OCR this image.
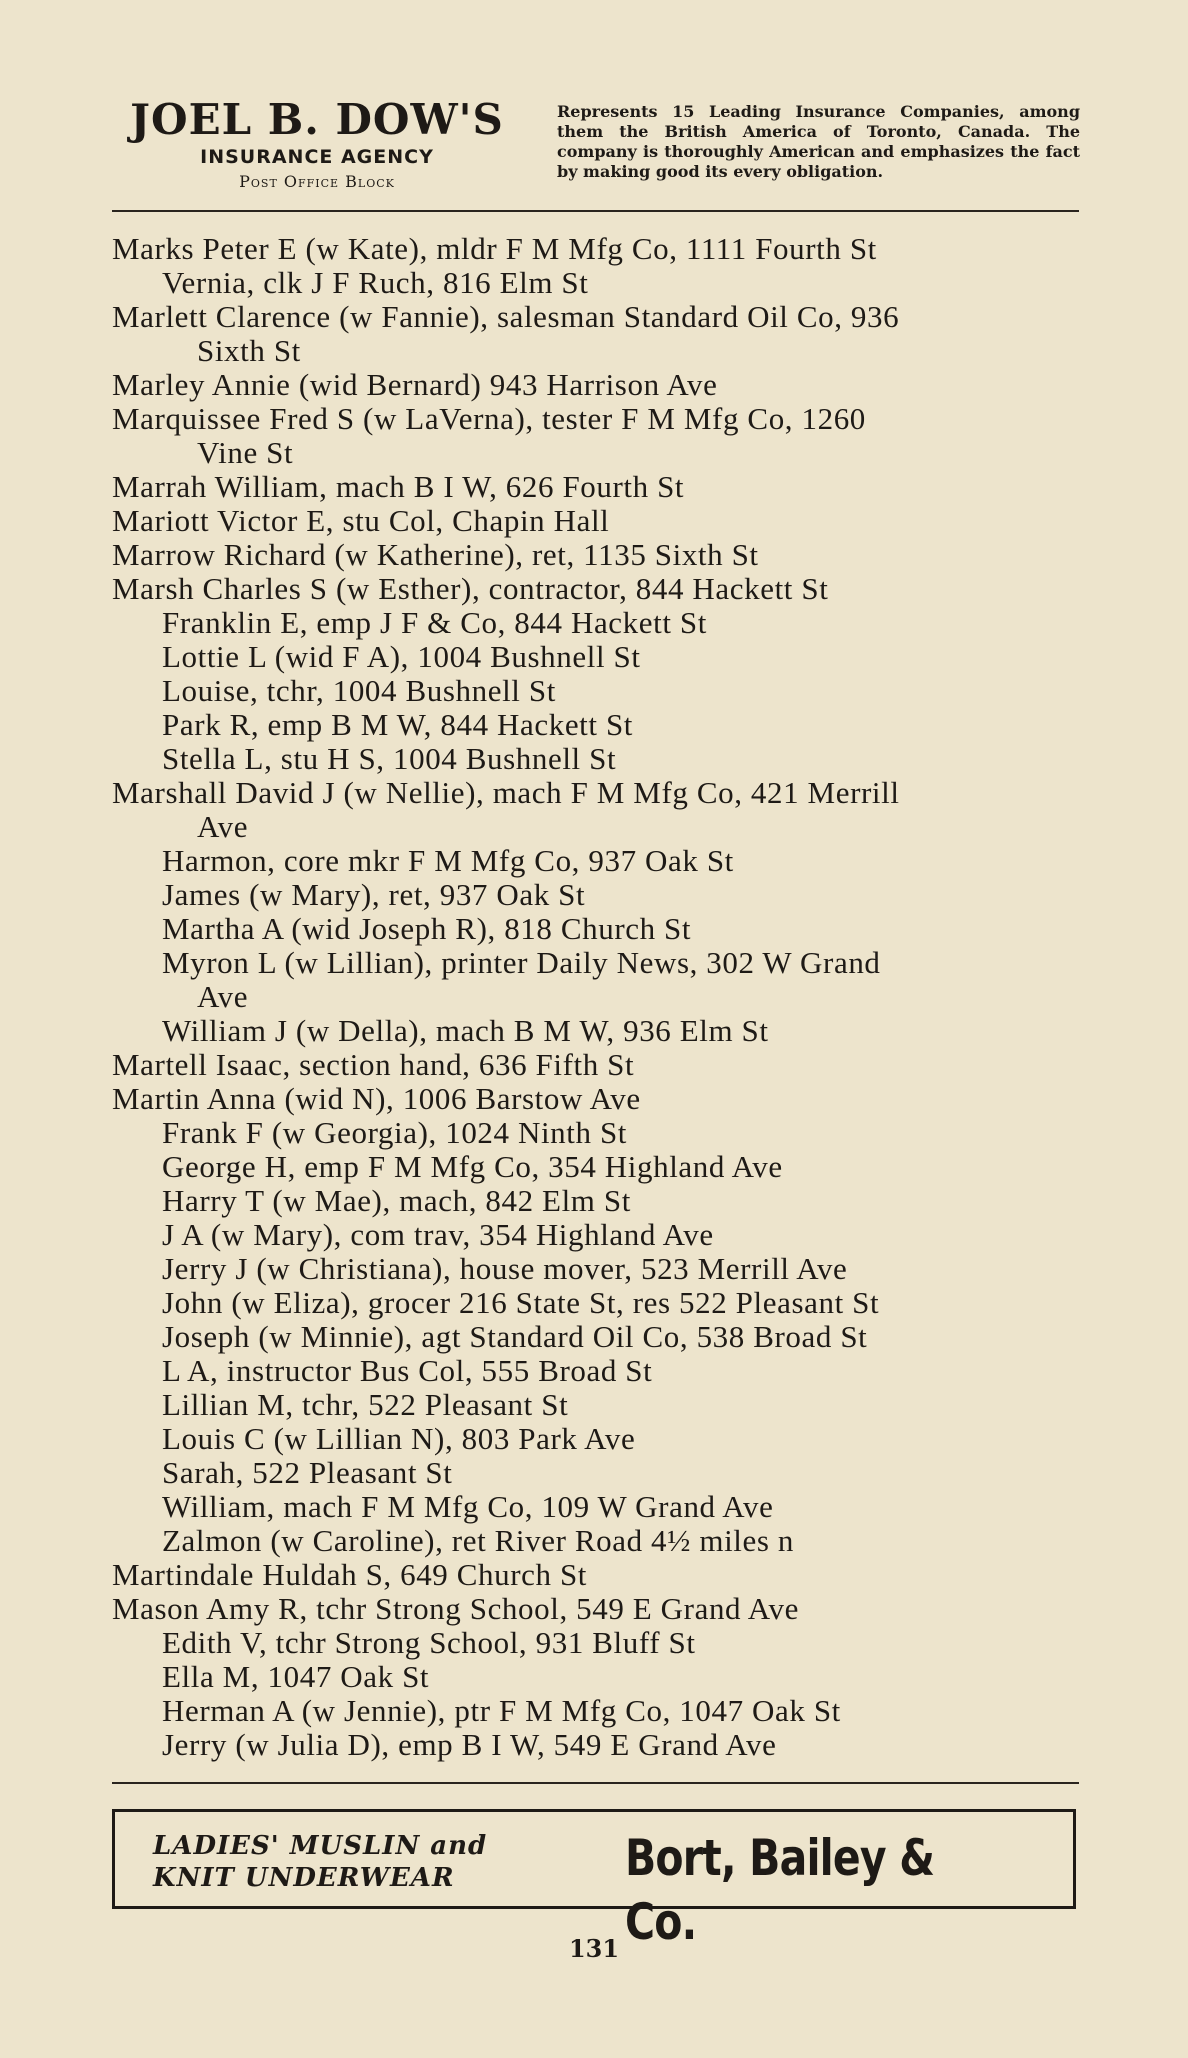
JOEL B. DOW'S
INSURANCE AGENCY
Post Office Block
Represents 15 Leading Insurance Companies, among them the British America of Toronto, Canada. The company is thoroughly American and emphasizes the fact by making good its every obligation.
Marks Peter E (w Kate), mldr F M Mfg Co, 1111 Fourth St
Vernia, clk J F Ruch, 816 Elm St
Marlett Clarence (w Fannie), salesman Standard Oil Co, 936
Sixth St
Marley Annie (wid Bernard) 943 Harrison Ave
Marquissee Fred S (w LaVerna), tester F M Mfg Co, 1260
Vine St
Marrah William, mach B I W, 626 Fourth St
Mariott Victor E, stu Col, Chapin Hall
Marrow Richard (w Katherine), ret, 1135 Sixth St
Marsh Charles S (w Esther), contractor, 844 Hackett St
Franklin E, emp J F & Co, 844 Hackett St
Lottie L (wid F A), 1004 Bushnell St
Louise, tchr, 1004 Bushnell St
Park R, emp B M W, 844 Hackett St
Stella L, stu H S, 1004 Bushnell St
Marshall David J (w Nellie), mach F M Mfg Co, 421 Merrill
Ave
Harmon, core mkr F M Mfg Co, 937 Oak St
James (w Mary), ret, 937 Oak St
Martha A (wid Joseph R), 818 Church St
Myron L (w Lillian), printer Daily News, 302 W Grand
Ave
William J (w Della), mach B M W, 936 Elm St
Martell Isaac, section hand, 636 Fifth St
Martin Anna (wid N), 1006 Barstow Ave
Frank F (w Georgia), 1024 Ninth St
George H, emp F M Mfg Co, 354 Highland Ave
Harry T (w Mae), mach, 842 Elm St
J A (w Mary), com trav, 354 Highland Ave
Jerry J (w Christiana), house mover, 523 Merrill Ave
John (w Eliza), grocer 216 State St, res 522 Pleasant St
Joseph (w Minnie), agt Standard Oil Co, 538 Broad St
L A, instructor Bus Col, 555 Broad St
Lillian M, tchr, 522 Pleasant St
Louis C (w Lillian N), 803 Park Ave
Sarah, 522 Pleasant St
William, mach F M Mfg Co, 109 W Grand Ave
Zalmon (w Caroline), ret River Road 4½ miles n
Martindale Huldah S, 649 Church St
Mason Amy R, tchr Strong School, 549 E Grand Ave
Edith V, tchr Strong School, 931 Bluff St
Ella M, 1047 Oak St
Herman A (w Jennie), ptr F M Mfg Co, 1047 Oak St
Jerry (w Julia D), emp B I W, 549 E Grand Ave
LADIES' MUSLIN and
KNIT UNDERWEAR	Bort, Bailey & Co.
131
